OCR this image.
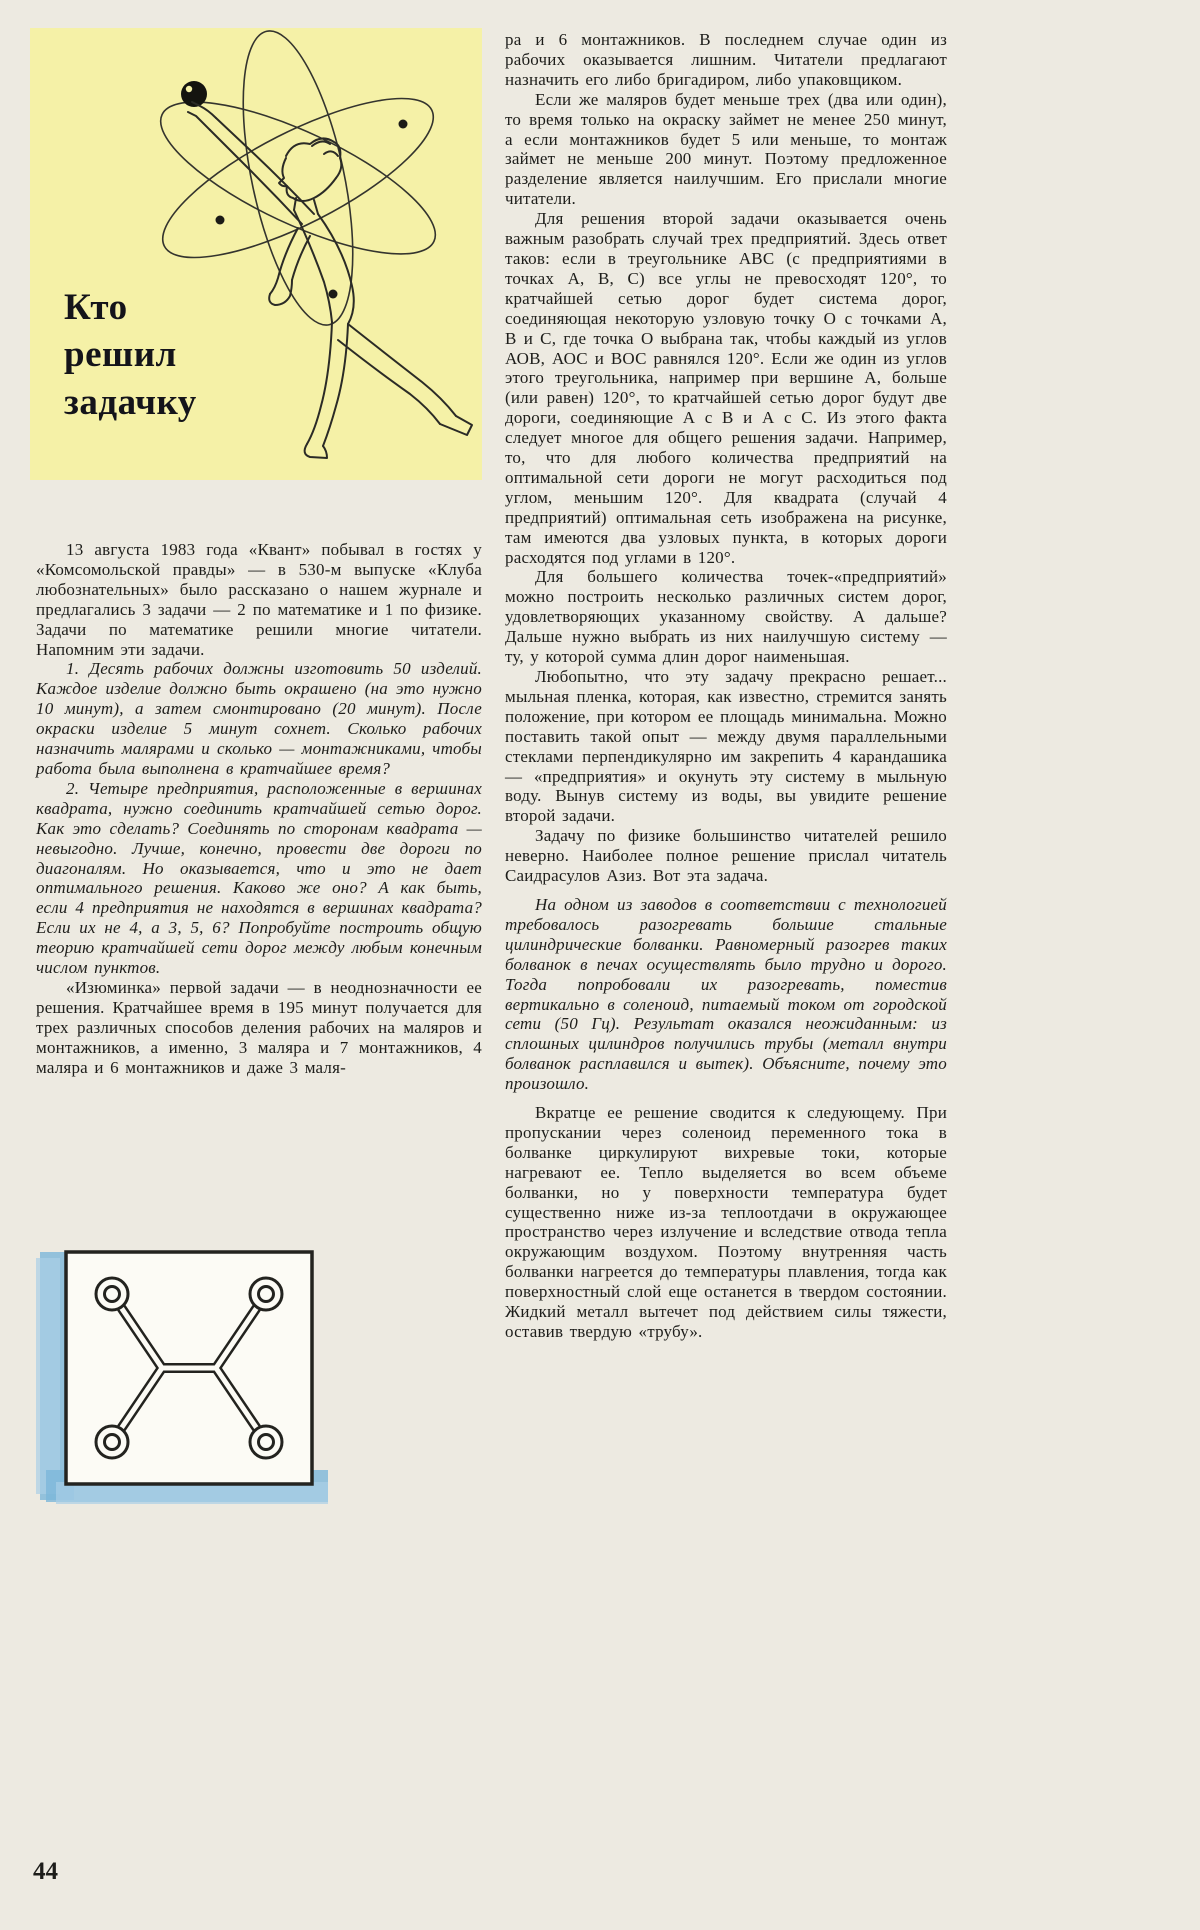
Кто
решил
задачку

13 августа 1983 года «Квант» побывал в гостях у «Комсомольской правды» — в 530-м выпуске «Клуба любознательных» было рассказано о нашем журнале и предлагались 3 задачи — 2 по математике и 1 по физике. Задачи по математике решили многие читатели. Напомним эти задачи.

1. Десять рабочих должны изготовить 50 изделий. Каждое изделие должно быть окрашено (на это нужно 10 минут), а затем смонтировано (20 минут). После окраски изделие 5 минут сохнет. Сколько рабочих назначить малярами и сколько — монтажниками, чтобы работа была выполнена в кратчайшее время?

2. Четыре предприятия, расположенные в вершинах квадрата, нужно соединить кратчайшей сетью дорог. Как это сделать? Соединять по сторонам квадрата — невыгодно. Лучше, конечно, провести две дороги по диагоналям. Но оказывается, что и это не дает оптимального решения. Каково же оно? А как быть, если 4 предприятия не находятся в вершинах квадрата? Если их не 4, а 3, 5, 6? Попробуйте построить общую теорию кратчайшей сети дорог между любым конечным числом пунктов.

«Изюминка» первой задачи — в неоднозначности ее решения. Кратчайшее время в 195 минут получается для трех различных способов деления рабочих на маляров и монтажников, а именно, 3 маляра и 7 монтажников, 4 маляра и 6 монтажников и даже 3 маля-

ра и 6 монтажников. В последнем случае один из рабочих оказывается лишним. Читатели предлагают назначить его либо бригадиром, либо упаковщиком.

Если же маляров будет меньше трех (два или один), то время только на окраску займет не менее 250 минут, а если монтажников будет 5 или меньше, то монтаж займет не меньше 200 минут. Поэтому предложенное разделение является наилучшим. Его прислали многие читатели.

Для решения второй задачи оказывается очень важным разобрать случай трех предприятий. Здесь ответ таков: если в треугольнике АВС (с предприятиями в точках А, В, С) все углы не превосходят 120°, то кратчайшей сетью дорог будет система дорог, соединяющая некоторую узловую точку О с точками А, В и С, где точка О выбрана так, чтобы каждый из углов АОВ, АОС и ВОС равнялся 120°. Если же один из углов этого треугольника, например при вершине А, больше (или равен) 120°, то кратчайшей сетью дорог будут две дороги, соединяющие А с В и А с С. Из этого факта следует многое для общего решения задачи. Например, то, что для любого количества предприятий на оптимальной сети дороги не могут расходиться под углом, меньшим 120°. Для квадрата (случай 4 предприятий) оптимальная сеть изображена на рисунке, там имеются два узловых пункта, в которых дороги расходятся под углами в 120°.

Для большего количества точек-«предприятий» можно построить несколько различных систем дорог, удовлетворяющих указанному свойству. А дальше? Дальше нужно выбрать из них наилучшую систему — ту, у которой сумма длин дорог наименьшая.

Любопытно, что эту задачу прекрасно решает... мыльная пленка, которая, как известно, стремится занять положение, при котором ее площадь минимальна. Можно поставить такой опыт — между двумя параллельными стеклами перпендикулярно им закрепить 4 карандашика — «предприятия» и окунуть эту систему в мыльную воду. Вынув систему из воды, вы увидите решение второй задачи.

Задачу по физике большинство читателей решило неверно. Наиболее полное решение прислал читатель Саидрасулов Азиз. Вот эта задача.

На одном из заводов в соответствии с технологией требовалось разогревать большие стальные цилиндрические болванки. Равномерный разогрев таких болванок в печах осуществлять было трудно и дорого. Тогда попробовали их разогревать, поместив вертикально в соленоид, питаемый током от городской сети (50 Гц). Результат оказался неожиданным: из сплошных цилиндров получились трубы (металл внутри болванок расплавился и вытек). Объясните, почему это произошло.

Вкратце ее решение сводится к следующему. При пропускании через соленоид переменного тока в болванке циркулируют вихревые токи, которые нагревают ее. Тепло выделяется во всем объеме болванки, но у поверхности температура будет существенно ниже из-за теплоотдачи в окружающее пространство через излучение и вследствие отвода тепла окружающим воздухом. Поэтому внутренняя часть болванки нагреется до температуры плавления, тогда как поверхностный слой еще останется в твердом состоянии. Жидкий металл вытечет под действием силы тяжести, оставив твердую «трубу».

44
